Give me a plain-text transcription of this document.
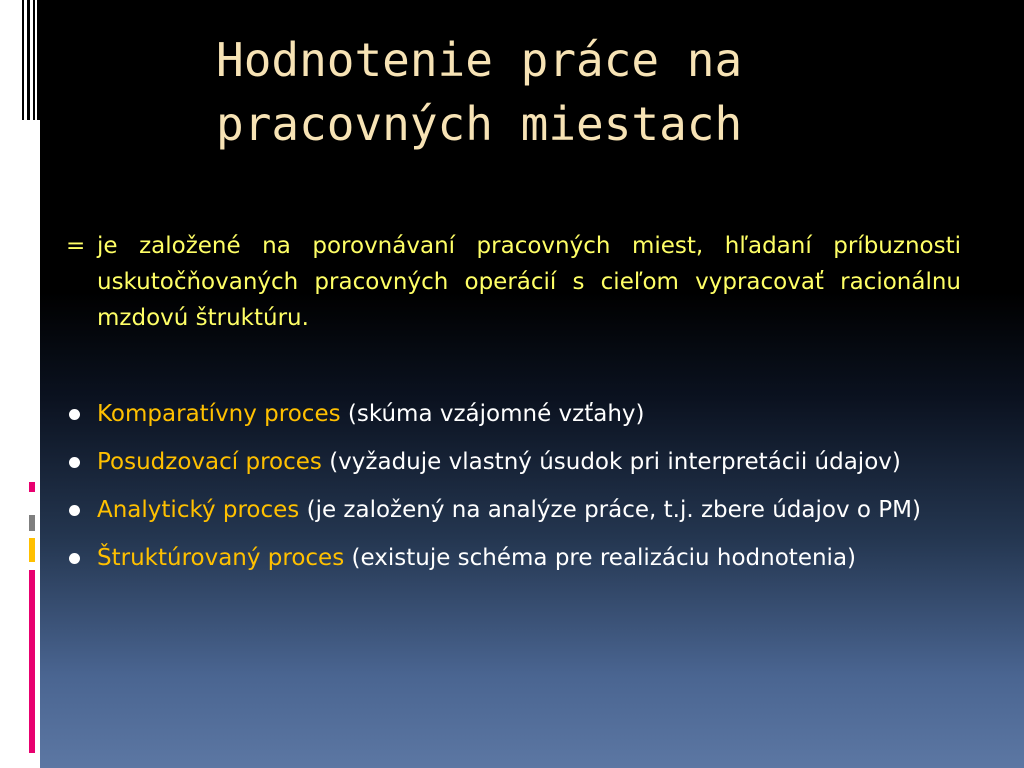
Hodnotenie práce na pracovných miestach
= je založené na porovnávaní pracovných miest, hľadaní príbuznosti uskutočňovaných pracovných operácií s cieľom vypracovať racionálnu mzdovú štruktúru.
Komparatívny proces (skúma vzájomné vzťahy)
Posudzovací proces (vyžaduje vlastný úsudok pri interpretácii údajov)
Analytický proces (je založený na analýze práce, t.j. zbere údajov o PM)
Štruktúrovaný proces (existuje schéma pre realizáciu hodnotenia)
